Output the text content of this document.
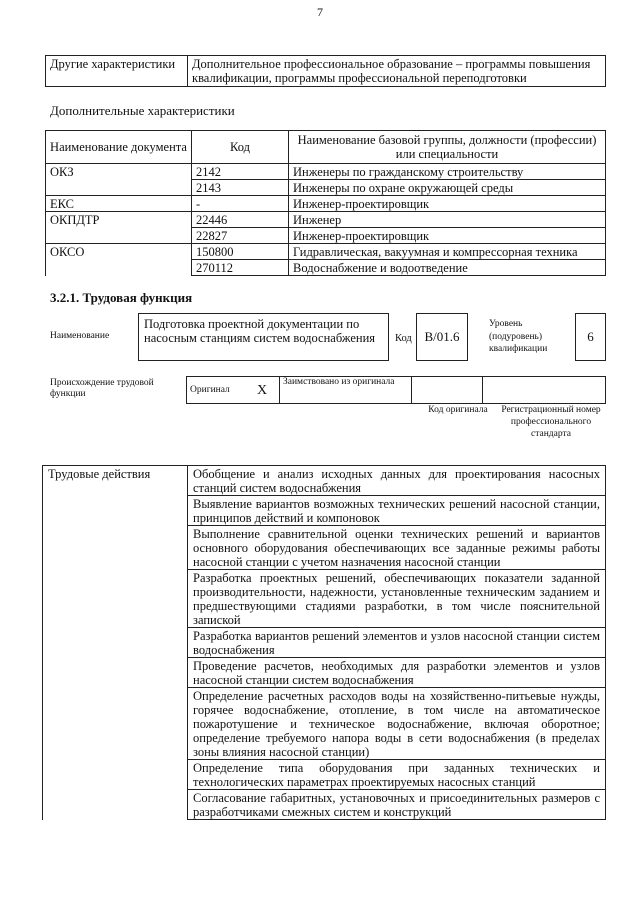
7
Другие характеристики	Дополнительное профессиональное образование – программы повышения квалификации, программы профессиональной переподготовки
Дополнительные характеристики
Наименование документа	Код	Наименование базовой группы, должности (профессии) или специальности
ОКЗ	2142	Инженеры по гражданскому строительству
	2143	Инженеры по охране окружающей среды
ЕКС	-	Инженер-проектировщик
ОКПДТР	22446	Инженер
	22827	Инженер-проектировщик
ОКСО	150800	Гидравлическая, вакуумная и компрессорная техника
	270112	Водоснабжение и водоотведение
3.2.1. Трудовая функция
Наименование
Подготовка проектной документации по насосным станциям систем водоснабжения	Код B/01.6
Уровень (подуровень) квалификации
6
Происхождение трудовой функции	Оригинал	X	Заимствовано из оригинала		
Код оригинала	Регистрационный номер профессионального стандарта
Трудовые действия	Обобщение и анализ исходных данных для проектирования насосных станций систем водоснабжения
	Выявление вариантов возможных технических решений насосной станции, принципов действий и компоновок
	Выполнение сравнительной оценки технических решений и вариантов основного оборудования обеспечивающих все заданные режимы работы насосной станции с учетом назначения насосной станции
	Разработка проектных решений, обеспечивающих показатели заданной производительности, надежности, установленные техническим заданием и предшествующими стадиями разработки, в том числе пояснительной запиской
	Разработка вариантов решений элементов и узлов насосной станции систем водоснабжения
	Проведение расчетов, необходимых для разработки элементов и узлов насосной станции систем водоснабжения
	Определение расчетных расходов воды на хозяйственно-питьевые нужды, горячее водоснабжение, отопление, в том числе на автоматическое пожаротушение и техническое водоснабжение, включая оборотное; определение требуемого напора воды в сети водоснабжения (в пределах зоны влияния насосной станции)
	Определение типа оборудования при заданных технических и технологических параметрах проектируемых насосных станций
	Согласование габаритных, установочных и присоединительных размеров с разработчиками смежных систем и конструкций
